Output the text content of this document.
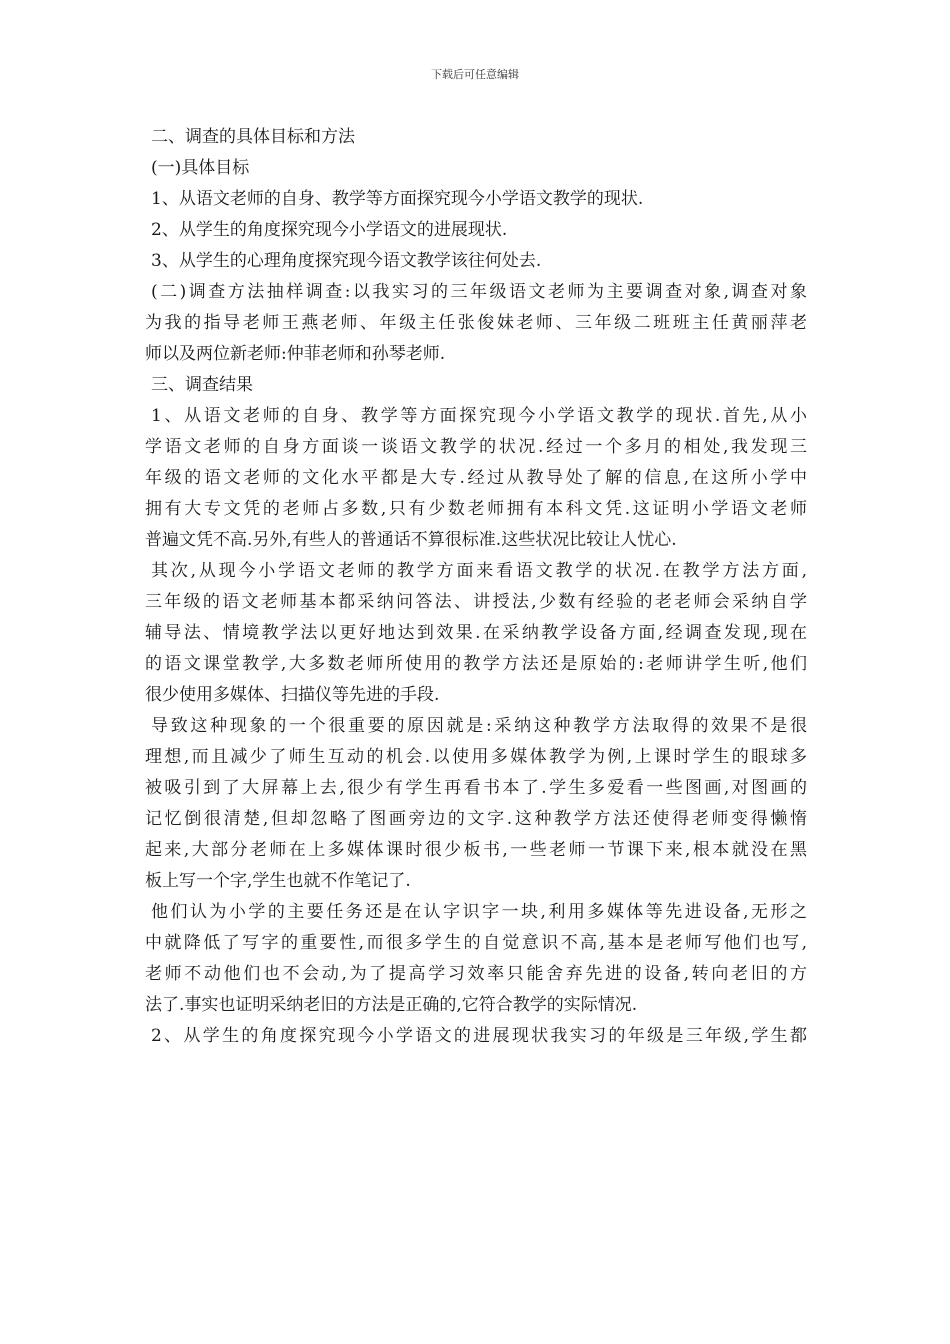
下载后可任意编辑
二、调查的具体目标和方法
(一)具体目标
1、从语文老师的自身、教学等方面探究现今小学语文教学的现状.
2、从学生的角度探究现今小学语文的进展现状.
3、从学生的心理角度探究现今语文教学该往何处去.
(二)调查方法抽样调查:以我实习的三年级语文老师为主要调查对象,调查对象
为我的指导老师王燕老师、年级主任张俊妹老师、三年级二班班主任黄丽萍老
师以及两位新老师:仲菲老师和孙琴老师.
三、调查结果
1、从语文老师的自身、教学等方面探究现今小学语文教学的现状.首先,从小
学语文老师的自身方面谈一谈语文教学的状况.经过一个多月的相处,我发现三
年级的语文老师的文化水平都是大专.经过从教导处了解的信息,在这所小学中
拥有大专文凭的老师占多数,只有少数老师拥有本科文凭.这证明小学语文老师
普遍文凭不高.另外,有些人的普通话不算很标准.这些状况比较让人忧心.
其次,从现今小学语文老师的教学方面来看语文教学的状况.在教学方法方面,
三年级的语文老师基本都采纳问答法、讲授法,少数有经验的老老师会采纳自学
辅导法、情境教学法以更好地达到效果.在采纳教学设备方面,经调查发现,现在
的语文课堂教学,大多数老师所使用的教学方法还是原始的:老师讲学生听,他们
很少使用多媒体、扫描仪等先进的手段.
导致这种现象的一个很重要的原因就是:采纳这种教学方法取得的效果不是很
理想,而且减少了师生互动的机会.以使用多媒体教学为例,上课时学生的眼球多
被吸引到了大屏幕上去,很少有学生再看书本了.学生多爱看一些图画,对图画的
记忆倒很清楚,但却忽略了图画旁边的文字.这种教学方法还使得老师变得懒惰
起来,大部分老师在上多媒体课时很少板书,一些老师一节课下来,根本就没在黑
板上写一个字,学生也就不作笔记了.
他们认为小学的主要任务还是在认字识字一块,利用多媒体等先进设备,无形之
中就降低了写字的重要性,而很多学生的自觉意识不高,基本是老师写他们也写,
老师不动他们也不会动,为了提高学习效率只能舍弃先进的设备,转向老旧的方
法了.事实也证明采纳老旧的方法是正确的,它符合教学的实际情况.
2、从学生的角度探究现今小学语文的进展现状我实习的年级是三年级,学生都
